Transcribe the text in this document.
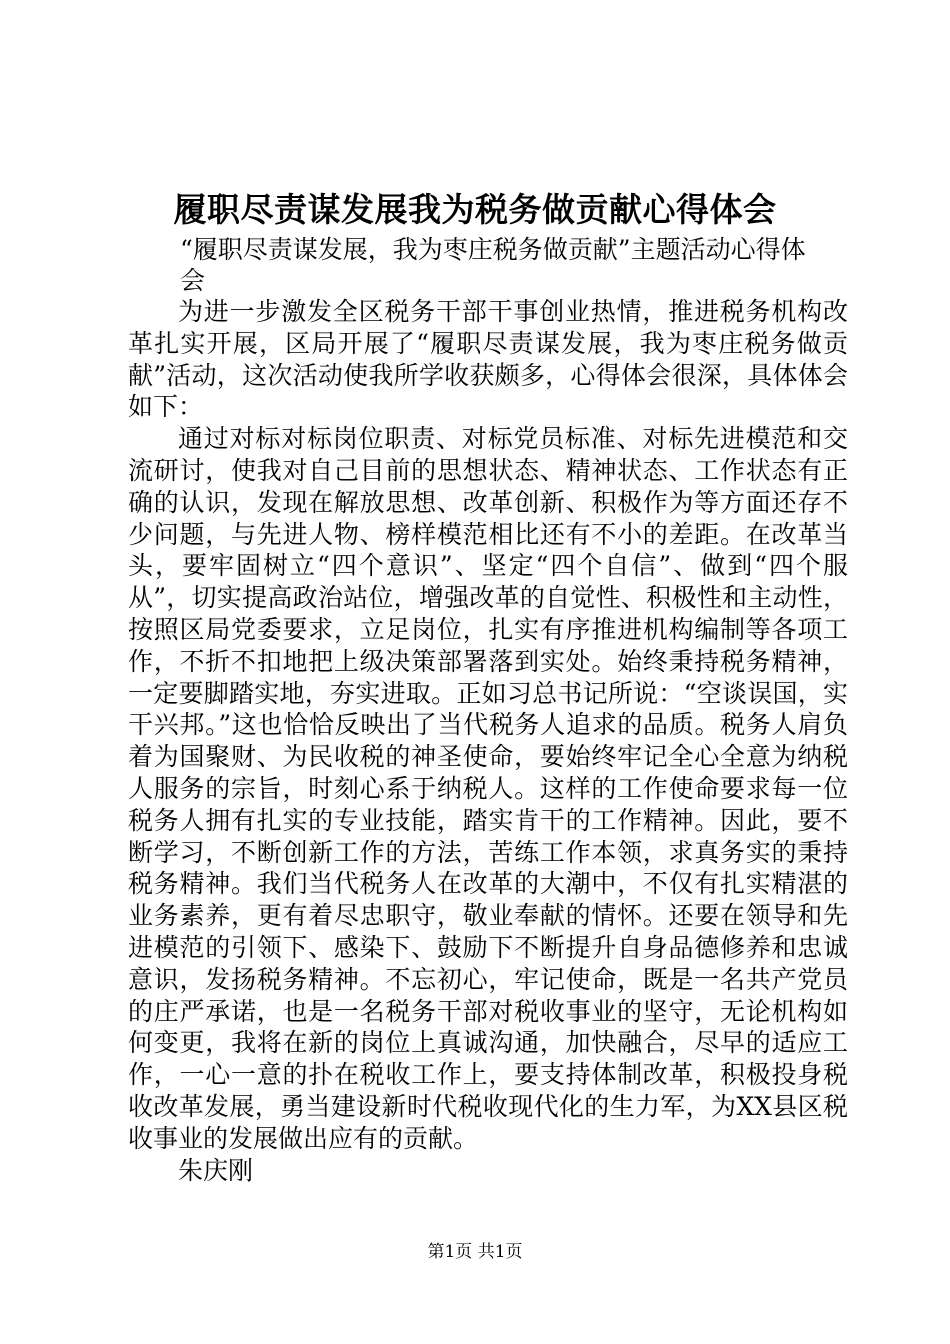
履职尽责谋发展我为税务做贡献心得体会

“履职尽责谋发展，我为枣庄税务做贡献”主题活动心得体会

为进一步激发全区税务干部干事创业热情，推进税务机构改革扎实开展，区局开展了“履职尽责谋发展，我为枣庄税务做贡献”活动，这次活动使我所学收获颇多，心得体会很深，具体体会如下：

通过对标对标岗位职责、对标党员标准、对标先进模范和交流研讨，使我对自己目前的思想状态、精神状态、工作状态有正确的认识，发现在解放思想、改革创新、积极作为等方面还存不少问题，与先进人物、榜样模范相比还有不小的差距。在改革当头，要牢固树立“四个意识”、坚定“四个自信”、做到“四个服从”，切实提高政治站位，增强改革的自觉性、积极性和主动性，按照区局党委要求，立足岗位，扎实有序推进机构编制等各项工作，不折不扣地把上级决策部署落到实处。始终秉持税务精神，一定要脚踏实地，夯实进取。正如习总书记所说：“空谈误国，实干兴邦。”这也恰恰反映出了当代税务人追求的品质。税务人肩负着为国聚财、为民收税的神圣使命，要始终牢记全心全意为纳税人服务的宗旨，时刻心系于纳税人。这样的工作使命要求每一位税务人拥有扎实的专业技能，踏实肯干的工作精神。因此，要不断学习，不断创新工作的方法，苦练工作本领，求真务实的秉持税务精神。我们当代税务人在改革的大潮中，不仅有扎实精湛的业务素养，更有着尽忠职守，敬业奉献的情怀。还要在领导和先进模范的引领下、感染下、鼓励下不断提升自身品德修养和忠诚意识，发扬税务精神。不忘初心，牢记使命，既是一名共产党员的庄严承诺，也是一名税务干部对税收事业的坚守，无论机构如何变更，我将在新的岗位上真诚沟通，加快融合，尽早的适应工作，一心一意的扑在税收工作上，要支持体制改革，积极投身税收改革发展，勇当建设新时代税收现代化的生力军，为XX县区税收事业的发展做出应有的贡献。

朱庆刚

第1页 共1页
